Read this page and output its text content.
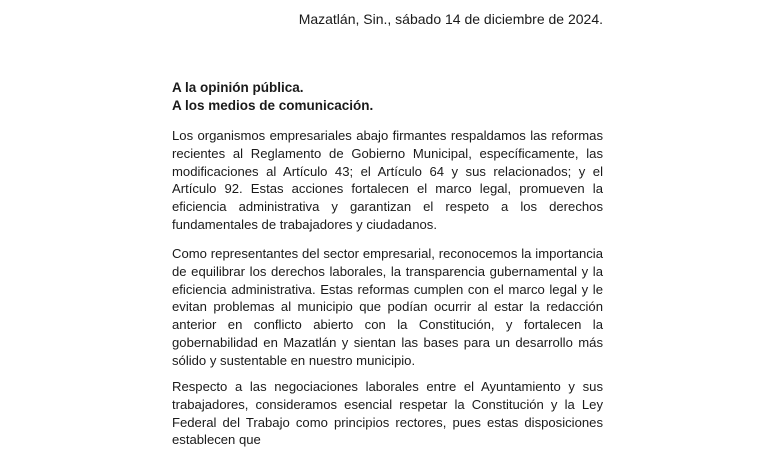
Mazatlán, Sin., sábado 14 de diciembre de 2024.
A la opinión pública.
A los medios de comunicación.

Los organismos empresariales abajo firmantes respaldamos las reformas recientes al Reglamento de Gobierno Municipal, específicamente, las modificaciones al Artículo 43; el Artículo 64 y sus relacionados; y el Artículo 92. Estas acciones fortalecen el marco legal, promueven la eficiencia administrativa y garantizan el respeto a los derechos fundamentales de trabajadores y ciudadanos.

Como representantes del sector empresarial, reconocemos la importancia de equilibrar los derechos laborales, la transparencia gubernamental y la eficiencia administrativa. Estas reformas cumplen con el marco legal y le evitan problemas al municipio que podían ocurrir al estar la redacción anterior en conflicto abierto con la Constitución, y fortalecen la gobernabilidad en Mazatlán y sientan las bases para un desarrollo más sólido y sustentable en nuestro municipio.

Respecto a las negociaciones laborales entre el Ayuntamiento y sus trabajadores, consideramos esencial respetar la Constitución y la Ley Federal del Trabajo como principios rectores, pues estas disposiciones establecen que
